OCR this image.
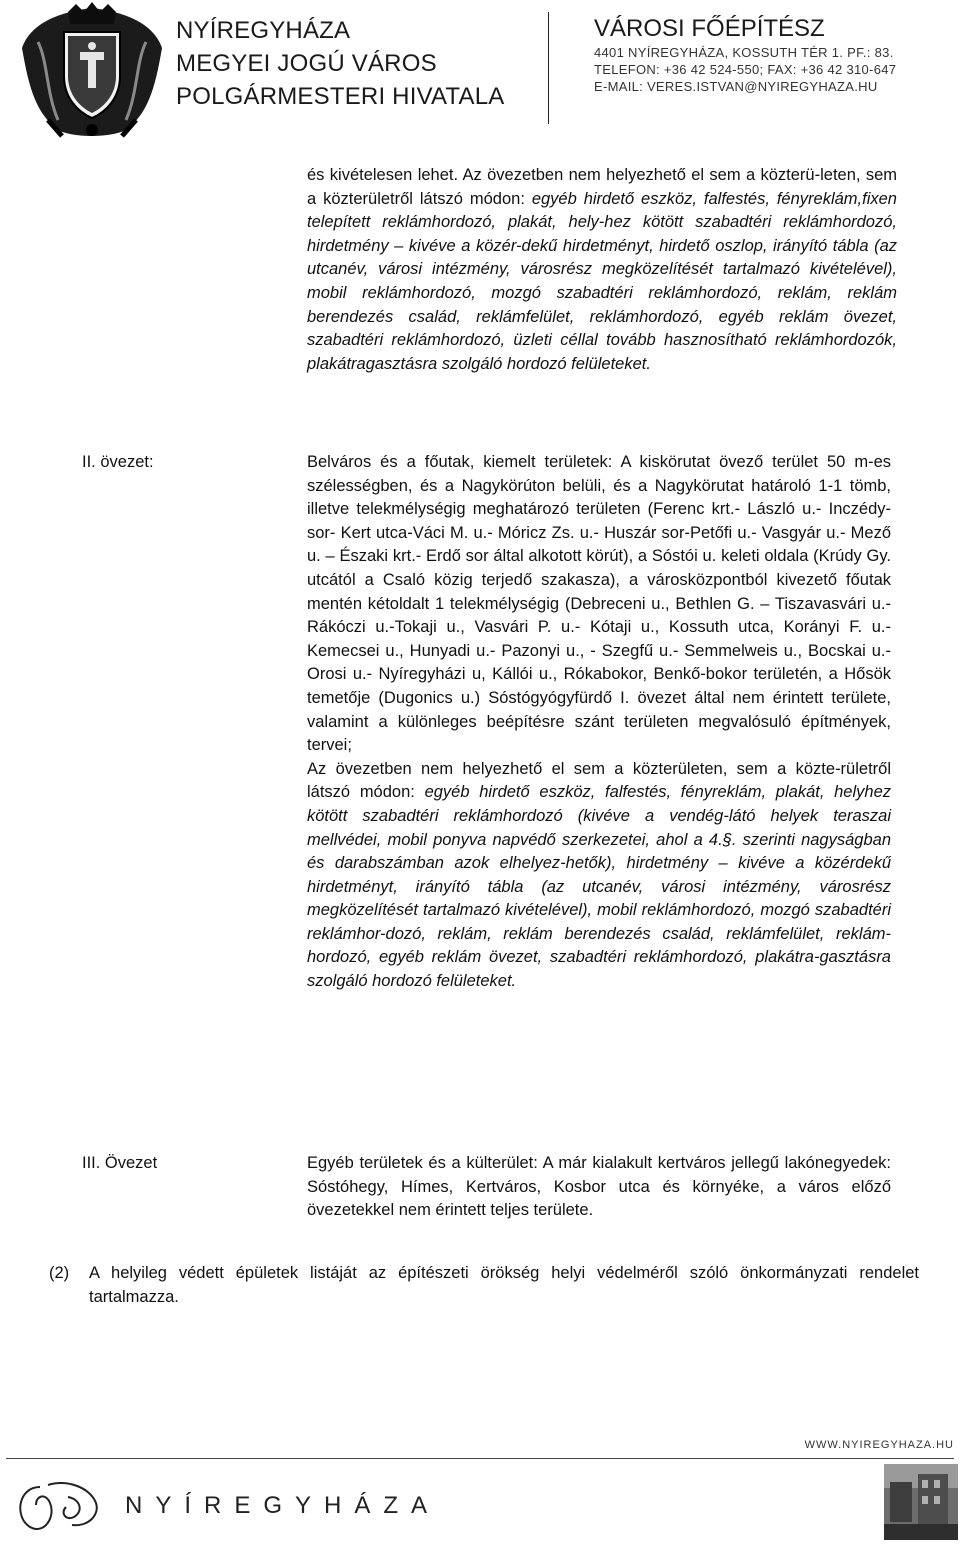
NYÍREGYHÁZA
MEGYEI JOGÚ VÁROS
POLGÁRMESTERI HIVATALA
VÁROSI FŐÉPÍTÉSZ
4401 NYÍREGYHÁZA, KOSSUTH TÉR 1. PF.: 83.
TELEFON: +36 42 524-550; FAX: +36 42 310-647
E-MAIL: VERES.ISTVAN@NYIREGYHAZA.HU
és kivételesen lehet. Az övezetben nem helyezhető el sem a közterü-leten, sem a közterületről látszó módon: egyéb hirdető eszköz, falfestés, fényreklám,fixen telepített reklámhordozó, plakát, hely-hez kötött szabadtéri reklámhordozó, hirdetmény – kivéve a közér-dekű hirdetményt, hirdető oszlop, irányító tábla (az utcanév, városi intézmény, városrész megközelítését tartalmazó kivételével), mobil reklámhordozó, mozgó szabadtéri reklámhordozó, reklám, reklám berendezés család, reklámfelület, reklámhordozó, egyéb reklám övezet, szabadtéri reklámhordozó, üzleti céllal tovább hasznosítható reklámhordozók, plakátragasztásra szolgáló hordozó felületeket.
II. övezet:	Belváros és a főutak, kiemelt területek: A kiskörutat övező terület 50 m-es szélességben, és a Nagykörúton belüli, és a Nagykörutat határoló 1-1 tömb, illetve telekmélységig meghatározó területen (Ferenc krt.- László u.- Inczédy-sor- Kert utca-Váci M. u.- Móricz Zs. u.- Huszár sor-Petőfi u.- Vasgyár u.- Mező u. – Északi krt.- Erdő sor által alkotott körút), a Sóstói u. keleti oldala (Krúdy Gy. utcától a Csaló közig terjedő szakasza), a városközpontból kivezető főutak mentén kétoldalt 1 telekmélységig (Debreceni u., Bethlen G. – Tiszavasvári u.- Rákóczi u.-Tokaji u., Vasvári P. u.- Kótaji u., Kossuth utca, Korányi F. u.-Kemecsei u., Hunyadi u.- Pazonyi u., - Szegfű u.- Semmelweis u., Bocskai u.-Orosi u.- Nyíregyházi u, Kállói u., Rókabokor, Benkő-bokor területén, a Hősök temetője (Dugonics u.) Sóstógyógyfürdő I. övezet által nem érintett területe, valamint a különleges beépítésre szánt területen megvalósuló építmények, tervei;
Az övezetben nem helyezhető el sem a közterületen, sem a közte-rületről látszó módon: egyéb hirdető eszköz, falfestés, fényreklám, plakát, helyhez kötött szabadtéri reklámhordozó (kivéve a vendég-látó helyek teraszai mellvédei, mobil ponyva napvédő szerkezetei, ahol a 4.§. szerinti nagyságban és darabszámban azok elhelyez-hetők), hirdetmény – kivéve a közérdekű hirdetményt, irányító tábla (az utcanév, városi intézmény, városrész megközelítését tartalmazó kivételével), mobil reklámhordozó, mozgó szabadtéri reklámhor-dozó, reklám, reklám berendezés család, reklámfelület, reklám-hordozó, egyéb reklám övezet, szabadtéri reklámhordozó, plakátra-gasztásra szolgáló hordozó felületeket.
III. Övezet	Egyéb területek és a külterület: A már kialakult kertváros jellegű lakónegyedek: Sóstóhegy, Hímes, Kertváros, Kosbor utca és környéke, a város előző övezetekkel nem érintett teljes területe.
(2) A helyileg védett épületek listáját az építészeti örökség helyi védelméről szóló önkormányzati rendelet tartalmazza.
WWW.NYIREGYHAZA.HU
NYÍREGYHÁZA
